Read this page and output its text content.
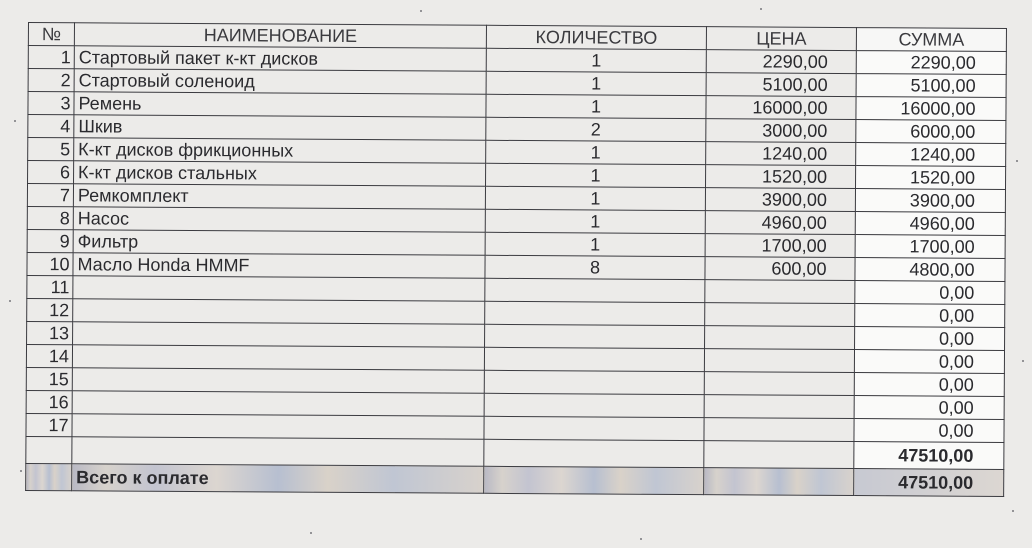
№	НАИМЕНОВАНИЕ	КОЛИЧЕСТВО	ЦЕНА	СУММА
1	Стартовый пакет к-кт дисков	1	2290,00	2290,00
2	Стартовый соленоид	1	5100,00	5100,00
3	Ремень	1	16000,00	16000,00
4	Шкив	2	3000,00	6000,00
5	К-кт дисков фрикционных	1	1240,00	1240,00
6	К-кт дисков стальных	1	1520,00	1520,00
7	Ремкомплект	1	3900,00	3900,00
8	Насос	1	4960,00	4960,00
9	Фильтр	1	1700,00	1700,00
10	Масло Honda HMMF	8	600,00	4800,00
11				0,00
12				0,00
13				0,00
14				0,00
15				0,00
16				0,00
17				0,00
				47510,00
	Всего к оплате			47510,00
